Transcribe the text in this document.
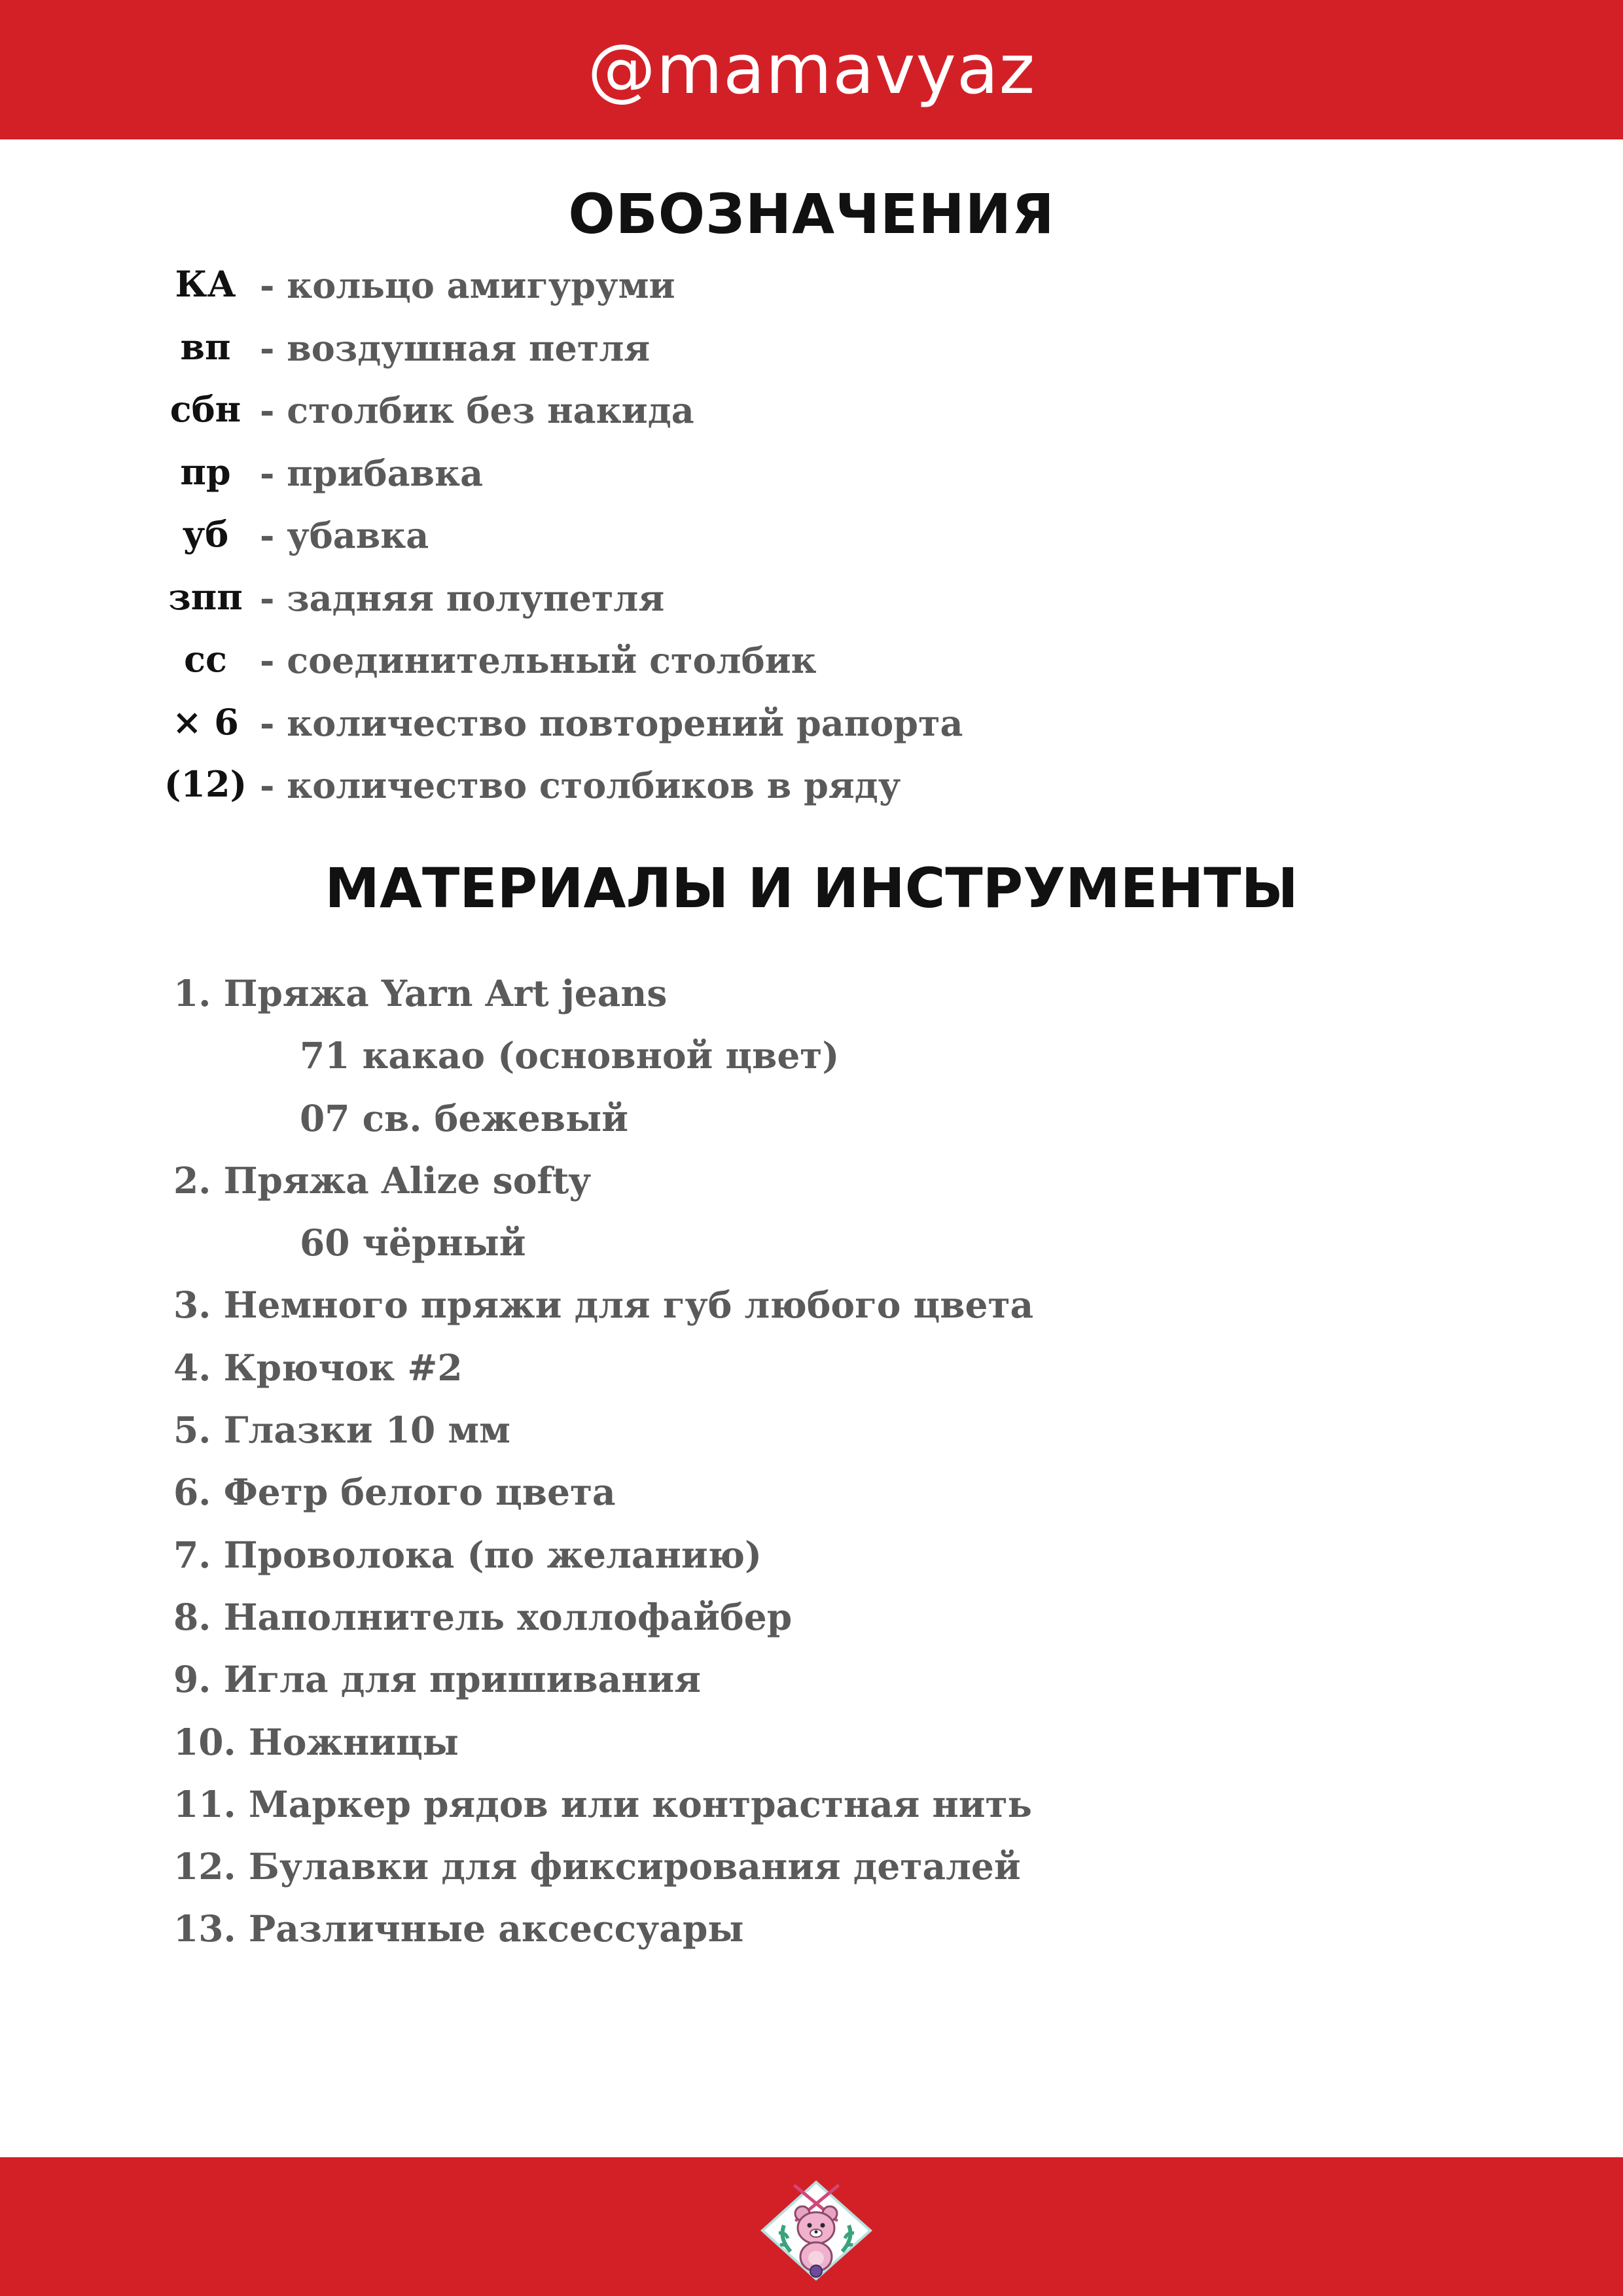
@mamavyaz
ОБОЗНАЧЕНИЯ
КА - кольцо амигуруми
вп - воздушная петля
сбн - столбик без накида
пр - прибавка
уб - убавка
зпп - задняя полупетля
сс - соединительный столбик
× 6 - количество повторений рапорта
(12) - количество столбиков в ряду
МАТЕРИАЛЫ И ИНСТРУМЕНТЫ
1. Пряжа Yarn Art jeans
71 какао (основной цвет)
07 св. бежевый
2. Пряжа Alize softy
60 чёрный
3. Немного пряжи для губ любого цвета
4. Крючок #2
5. Глазки 10 мм
6. Фетр белого цвета
7. Проволока (по желанию)
8. Наполнитель холлофайбер
9. Игла для пришивания
10. Ножницы
11. Маркер рядов или контрастная нить
12. Булавки для фиксирования деталей
13. Различные аксессуары
